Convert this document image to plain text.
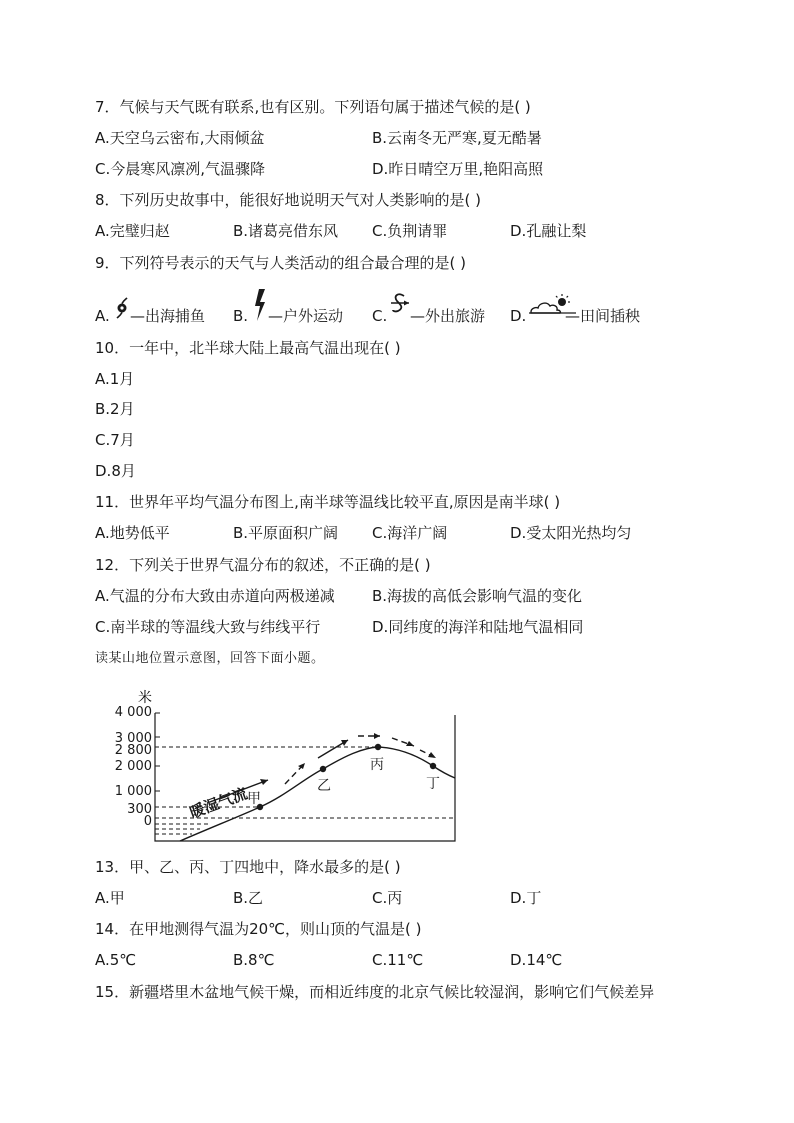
7．气候与天气既有联系,也有区别。下列语句属于描述气候的是( )
A.天空乌云密布,大雨倾盆	B.云南冬无严寒,夏无酷暑
C.今晨寒风凛冽,气温骤降	D.昨日晴空万里,艳阳高照
8．下列历史故事中，能很好地说明天气对人类影响的是( )
A.完璧归赵	B.诸葛亮借东风 C.负荆请罪	D.孔融让梨
9．下列符号表示的天气与人类活动的组合最合理的是( )
A. —出海捕鱼 B. —户外运动 C. —外出旅游 D.	—田间插秧
10．一年中，北半球大陆上最高气温出现在( )
A.1月
B.2月
C.7月
D.8月
11．世界年平均气温分布图上,南半球等温线比较平直,原因是南半球( )
A.地势低平	B.平原面积广阔 C.海洋广阔	D.受太阳光热均匀
12．下列关于世界气温分布的叙述，不正确的是( )
A.气温的分布大致由赤道向两极递减 B.海拔的高低会影响气温的变化
C.南半球的等温线大致与纬线平行	D.同纬度的海洋和陆地气温相同
读某山地位置示意图，回答下面小题。
米
4 000
3 000
2 800
2 000
1 000
300
0
甲
乙
丙
丁
暖湿气流
13．甲、乙、丙、丁四地中，降水最多的是( )
A.甲	B.乙	C.丙	D.丁
14．在甲地测得气温为20℃，则山顶的气温是( )
A.5℃	B.8℃	C.11℃	D.14℃
15．新疆塔里木盆地气候干燥，而相近纬度的北京气候比较湿润，影响它们气候差异
